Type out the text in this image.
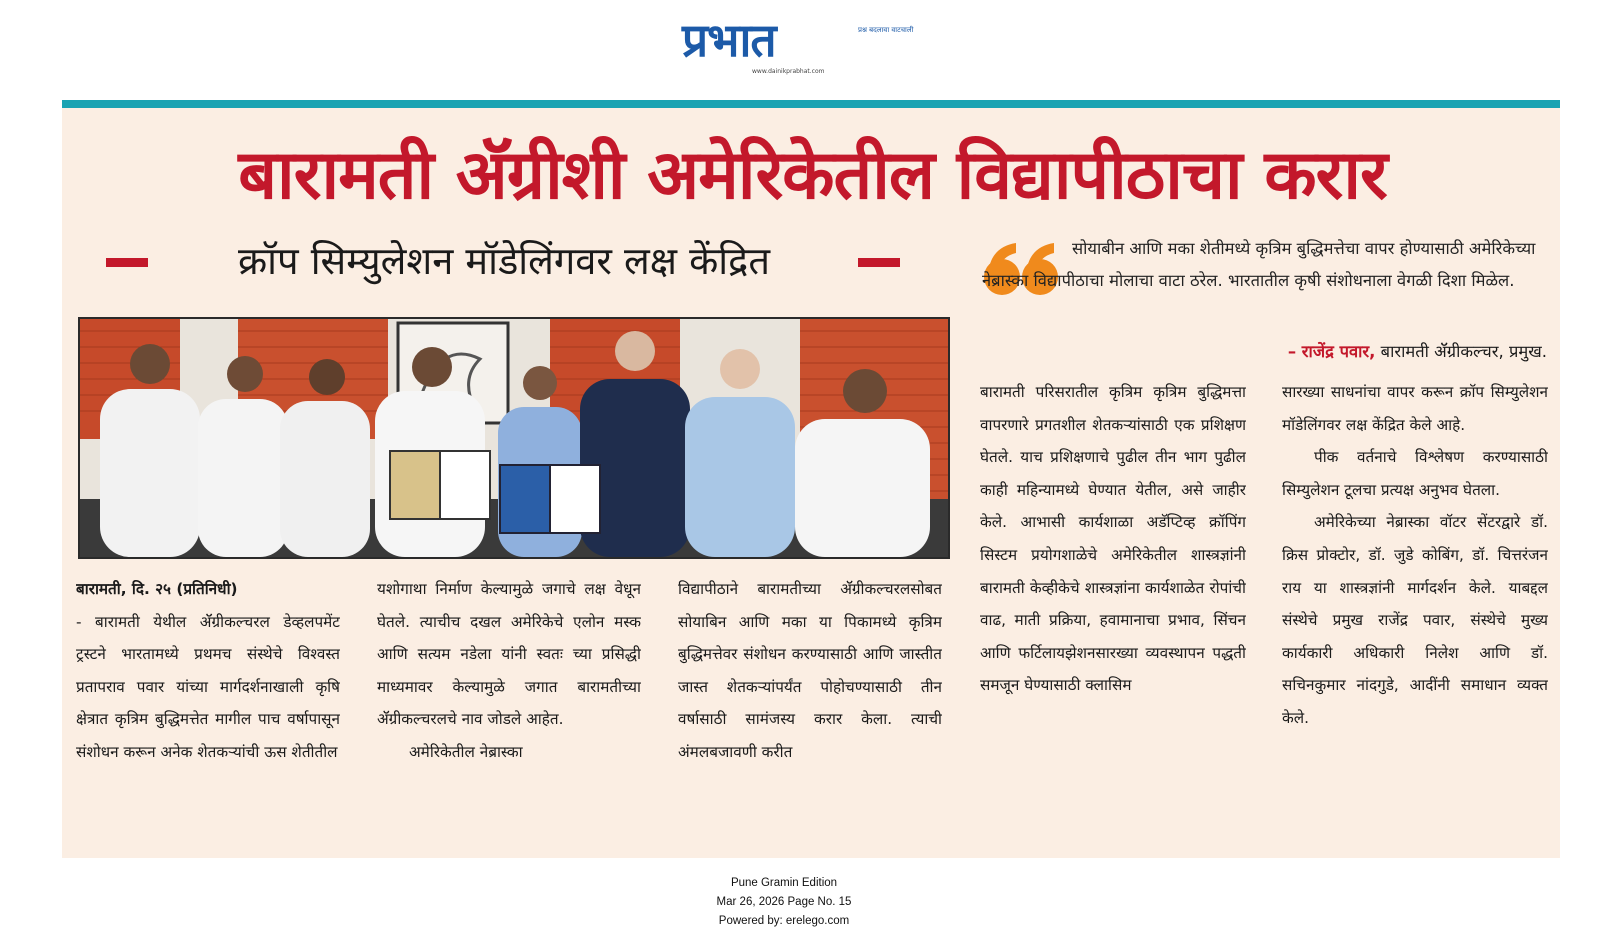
प्रभात	प्रश्न बदलावा वाटचाली
www.dainikprabhat.com
बारामती ॲॅग्रीशी अमेरिकेतील विद्यापीठाचा करार
क्रॉप सिम्युलेशन मॉडेलिंगवर लक्ष केंद्रित

बारामती, दि. २५ (प्रतिनिधी)

- बारामती येथील ॲॅग्रीकल्चरल डेव्हलपमेंट ट्रस्टने भारतामध्ये प्रथमच संस्थेचे विश्वस्त प्रतापराव पवार यांच्या मार्गदर्शनाखाली कृषि क्षेत्रात कृत्रिम बुद्धिमत्तेत मागील पाच वर्षापासून संशोधन करून अनेक शेतकऱ्यांची ऊस शेतीतील

यशोगाथा निर्माण केल्यामुळे जगाचे लक्ष वेधून घेतले. त्याचीच दखल अमेरिकेचे एलोन मस्क आणि सत्यम नडेला यांनी स्वतः च्या प्रसिद्धी माध्यमावर केल्यामुळे जगात बारामतीच्या ॲॅग्रीकल्चरलचे नाव जोडले आहेत.

अमेरिकेतील नेब्रास्का

विद्यापीठाने बारामतीच्या ॲॅग्रीकल्चरलसोबत सोयाबिन आणि मका या पिकामध्ये कृत्रिम बुद्धिमत्तेवर संशोधन करण्यासाठी आणि जास्तीत जास्त शेतकऱ्यांपर्यंत पोहोचण्यासाठी तीन वर्षासाठी सामंजस्य करार केला. त्याची अंमलबजावणी करीत

सोयाबीन आणि मका शेतीमध्ये कृत्रिम बुद्धिमत्तेचा वापर होण्यासाठी अमेरिकेच्या नेब्रास्का विद्यापीठाचा मोलाचा वाटा ठरेल. भारतातील कृषी संशोधनाला वेगळी दिशा मिळेल.
– राजेंद्र पवार, बारामती ॲॅग्रीकल्चर, प्रमुख.

बारामती परिसरातील कृत्रिम कृत्रिम बुद्धिमत्ता वापरणारे प्रगतशील शेतकऱ्यांसाठी एक प्रशिक्षण घेतले. याच प्रशिक्षणाचे पुढील तीन भाग पुढील काही महिन्यामध्ये घेण्यात येतील, असे जाहीर केले. आभासी कार्यशाळा अडॅप्टिव्ह क्रॉपिंग सिस्टम प्रयोगशाळेचे अमेरिकेतील शास्त्रज्ञांनी बारामती केव्हीकेचे शास्त्रज्ञांना कार्यशाळेत रोपांची वाढ, माती प्रक्रिया, हवामानाचा प्रभाव, सिंचन आणि फर्टिलायझेशनसारख्या व्यवस्थापन पद्धती समजून घेण्यासाठी क्लासिम

सारख्या साधनांचा वापर करून क्रॉप सिम्युलेशन मॉडेलिंगवर लक्ष केंद्रित केले आहे.

पीक वर्तनाचे विश्लेषण करण्यासाठी सिम्युलेशन टूलचा प्रत्यक्ष अनुभव घेतला.

अमेरिकेच्या नेब्रास्का वॉटर सेंटरद्वारे डॉ. क्रिस प्रोक्टोर, डॉ. जुडे कोबिंग, डॉ. चित्तरंजन राय या शास्त्रज्ञांनी मार्गदर्शन केले. याबद्दल संस्थेचे प्रमुख राजेंद्र पवार, संस्थेचे मुख्य कार्यकारी अधिकारी निलेश आणि डॉ. सचिनकुमार नांदगुडे, आदींनी समाधान व्यक्त केले.

Pune Gramin Edition
Mar 26, 2026 Page No. 15
Powered by: erelego.com
